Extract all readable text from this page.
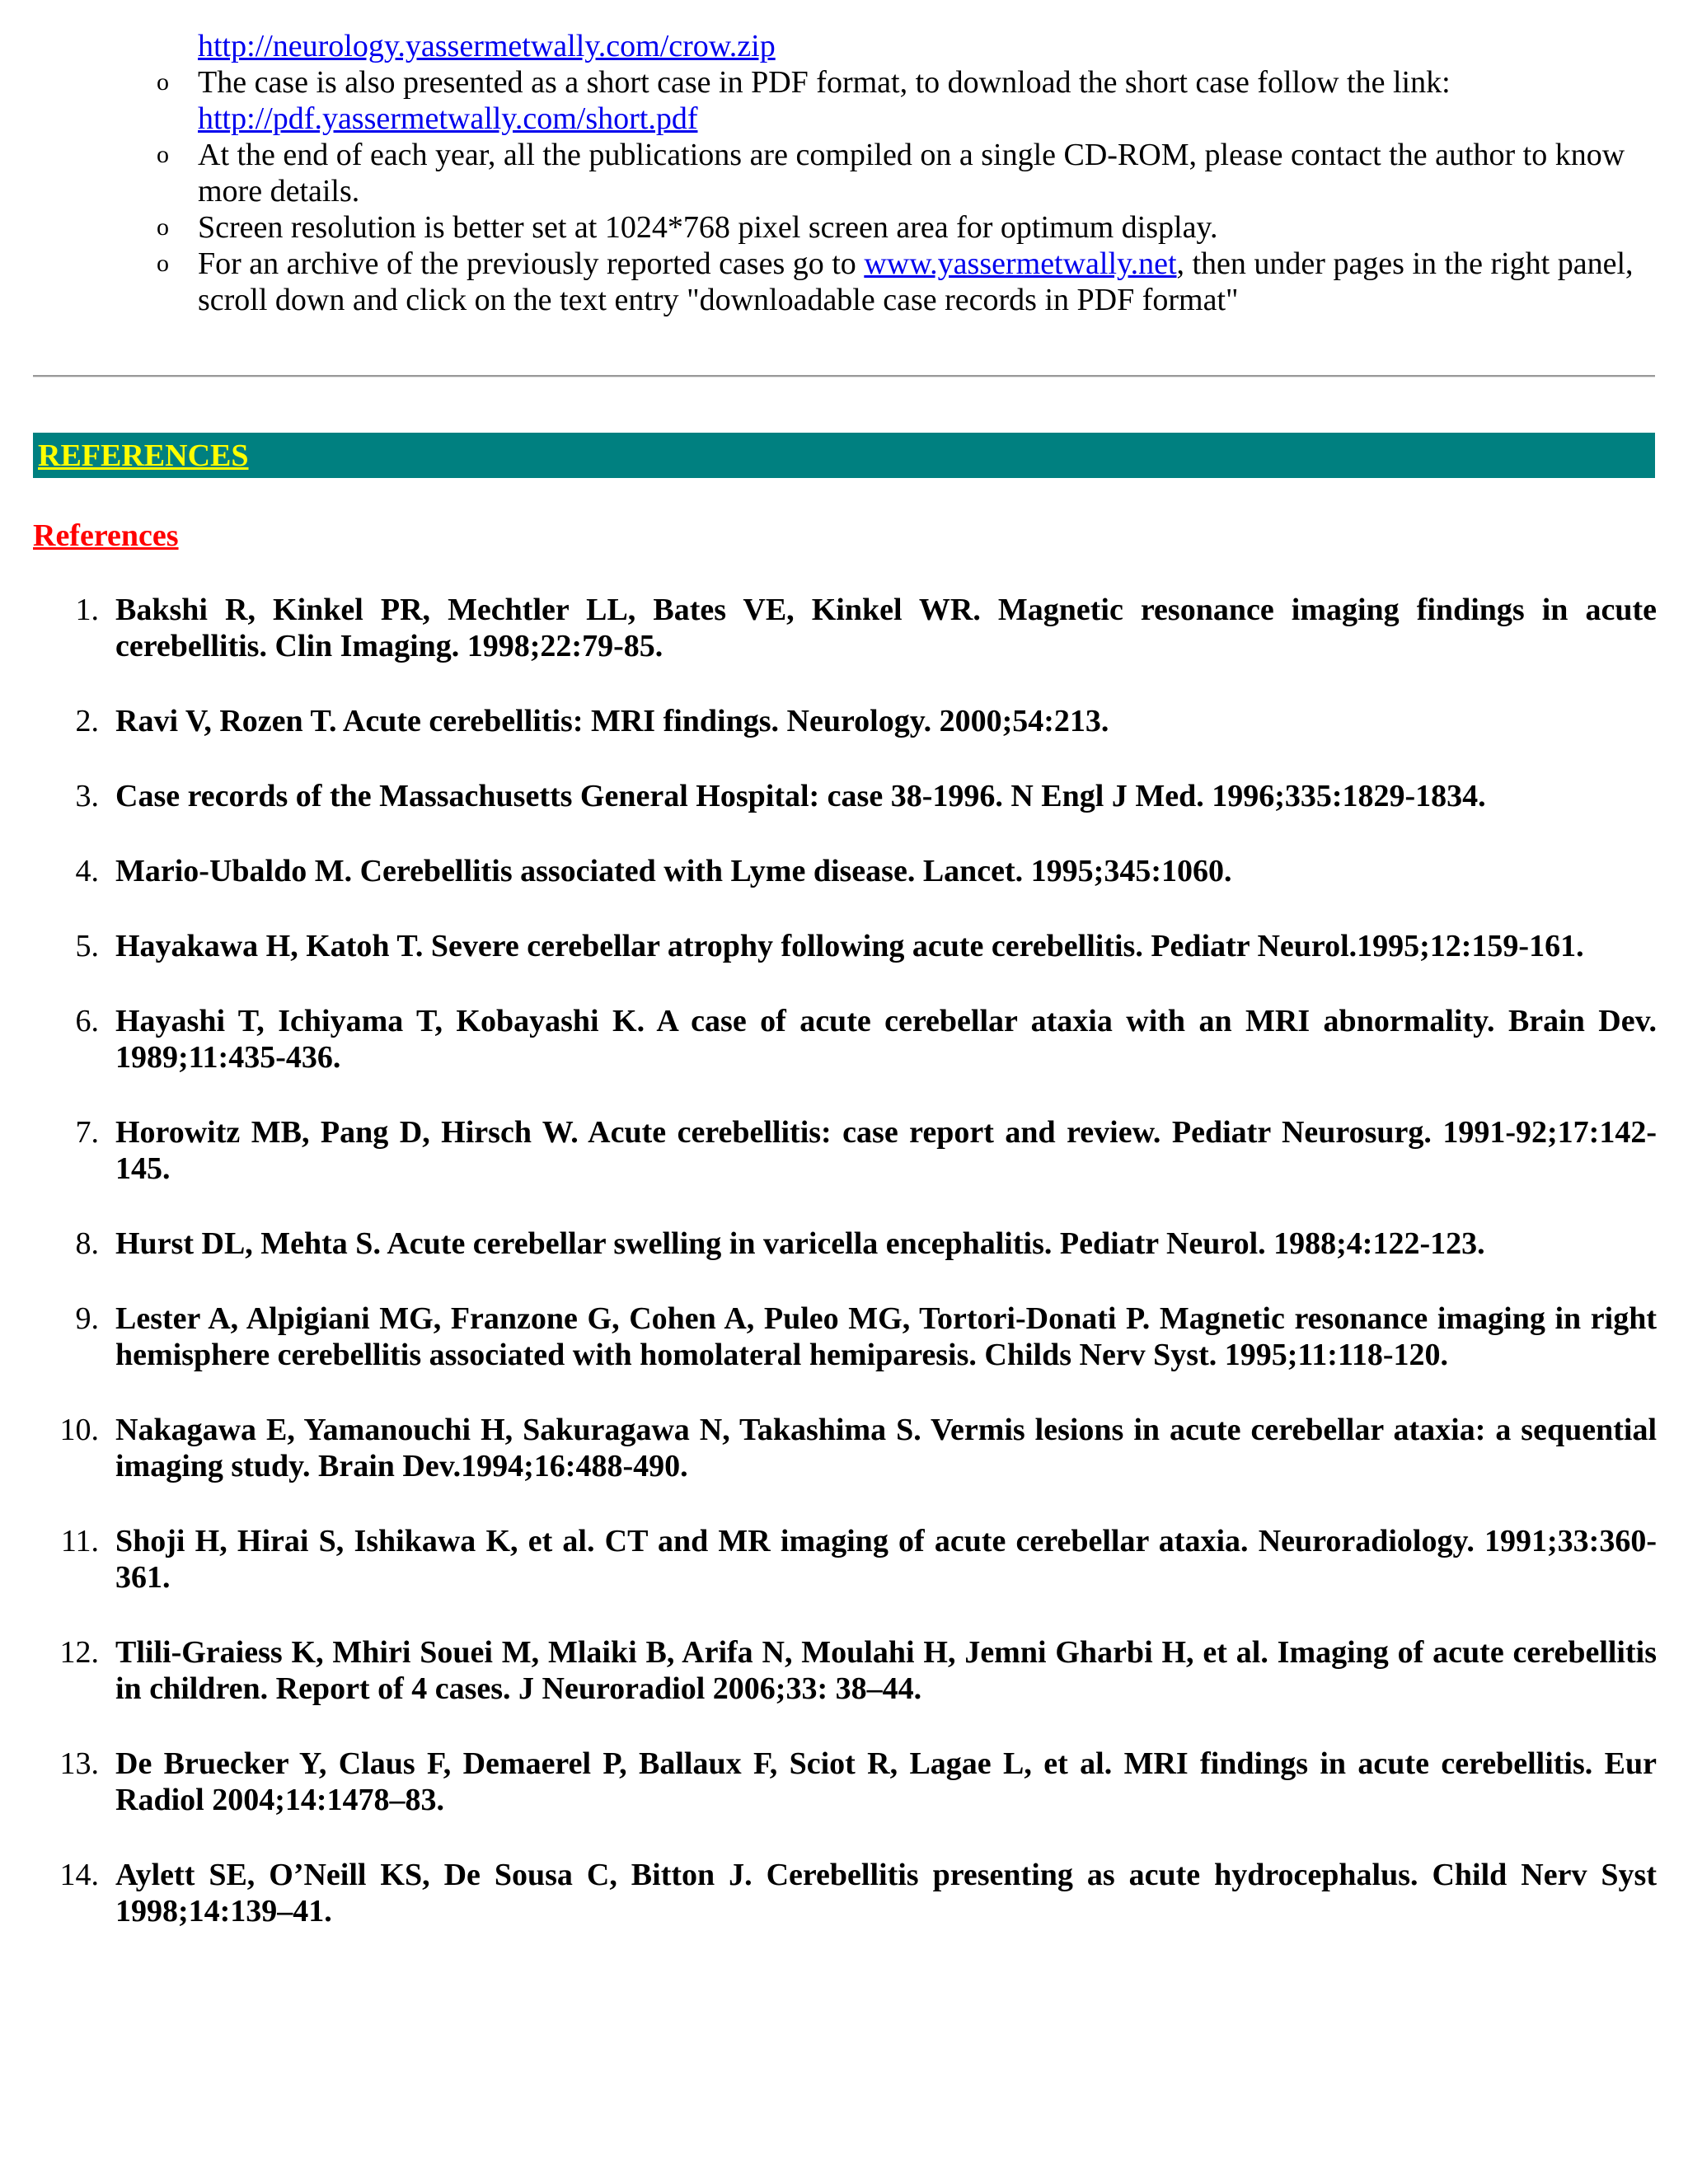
http://neurology.yassermetwally.com/crow.zip
o The case is also presented as a short case in PDF format, to download the short case follow the link:
http://pdf.yassermetwally.com/short.pdf
o At the end of each year, all the publications are compiled on a single CD-ROM, please contact the author to know more details.
o Screen resolution is better set at 1024*768 pixel screen area for optimum display.
o For an archive of the previously reported cases go to www.yassermetwally.net, then under pages in the right panel, scroll down and click on the text entry "downloadable case records in PDF format"
REFERENCES
References
1. Bakshi R, Kinkel PR, Mechtler LL, Bates VE, Kinkel WR. Magnetic resonance imaging findings in acute cerebellitis. Clin Imaging. 1998;22:79-85.
2. Ravi V, Rozen T. Acute cerebellitis: MRI findings. Neurology. 2000;54:213.
3. Case records of the Massachusetts General Hospital: case 38-1996. N Engl J Med. 1996;335:1829-1834.
4. Mario-Ubaldo M. Cerebellitis associated with Lyme disease. Lancet. 1995;345:1060.
5. Hayakawa H, Katoh T. Severe cerebellar atrophy following acute cerebellitis. Pediatr Neurol.1995;12:159-161.
6. Hayashi T, Ichiyama T, Kobayashi K. A case of acute cerebellar ataxia with an MRI abnormality. Brain Dev. 1989;11:435-436.
7. Horowitz MB, Pang D, Hirsch W. Acute cerebellitis: case report and review. Pediatr Neurosurg. 1991-92;17:142-145.
8. Hurst DL, Mehta S. Acute cerebellar swelling in varicella encephalitis. Pediatr Neurol. 1988;4:122-123.
9. Lester A, Alpigiani MG, Franzone G, Cohen A, Puleo MG, Tortori-Donati P. Magnetic resonance imaging in right hemisphere cerebellitis associated with homolateral hemiparesis. Childs Nerv Syst. 1995;11:118-120.
10. Nakagawa E, Yamanouchi H, Sakuragawa N, Takashima S. Vermis lesions in acute cerebellar ataxia: a sequential imaging study. Brain Dev.1994;16:488-490.
11. Shoji H, Hirai S, Ishikawa K, et al. CT and MR imaging of acute cerebellar ataxia. Neuroradiology. 1991;33:360-361.
12. Tlili-Graiess K, Mhiri Souei M, Mlaiki B, Arifa N, Moulahi H, Jemni Gharbi H, et al. Imaging of acute cerebellitis in children. Report of 4 cases. J Neuroradiol 2006;33: 38–44.
13. De Bruecker Y, Claus F, Demaerel P, Ballaux F, Sciot R, Lagae L, et al. MRI findings in acute cerebellitis. Eur Radiol 2004;14:1478–83.
14. Aylett SE, O’Neill KS, De Sousa C, Bitton J. Cerebellitis presenting as acute hydrocephalus. Child Nerv Syst 1998;14:139–41.
